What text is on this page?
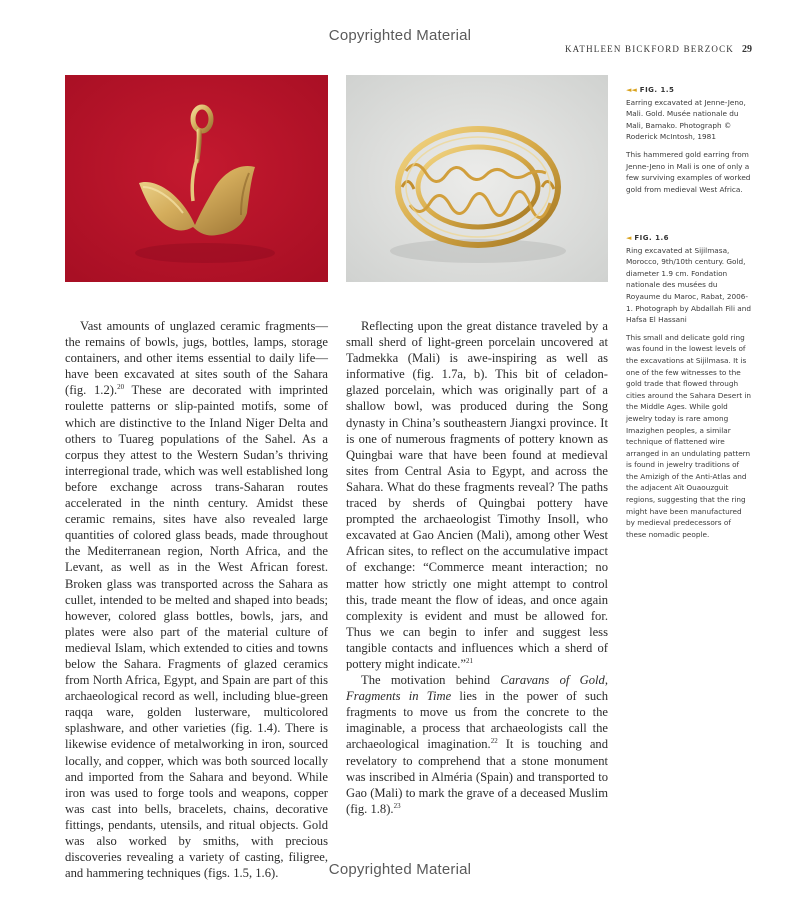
Copyrighted Material
KATHLEEN BICKFORD BERZOCK 29

Vast amounts of unglazed ceramic fragments—the remains of bowls, jugs, bottles, lamps, storage containers, and other items essential to daily life—have been excavated at sites south of the Sahara (fig. 1.2).$^{20}$ These are decorated with imprinted roulette patterns or slip-painted motifs, some of which are distinctive to the Inland Niger Delta and others to Tuareg populations of the Sahel. As a corpus they attest to the Western Sudan’s thriving interregional trade, which was well established long before exchange across trans-Saharan routes accelerated in the ninth century. Amidst these ceramic remains, sites have also revealed large quantities of colored glass beads, made throughout the Mediterranean region, North Africa, and the Levant, as well as in the West African forest. Broken glass was transported across the Sahara as cullet, intended to be melted and shaped into beads; however, colored glass bottles, bowls, jars, and plates were also part of the material culture of medieval Islam, which extended to cities and towns below the Sahara. Fragments of glazed ceramics from North Africa, Egypt, and Spain are part of this archaeological record as well, including blue-green raqqa ware, golden lusterware, multicolored splashware, and other varieties (fig. 1.4). There is likewise evidence of metalworking in iron, sourced locally, and copper, which was both sourced locally and imported from the Sahara and beyond. While iron was used to forge tools and weapons, copper was cast into bells, bracelets, chains, decorative fittings, pendants, utensils, and ritual objects. Gold was also worked by smiths, with precious discoveries revealing a variety of casting, filigree, and hammering techniques (figs. 1.5, 1.6).

Reflecting upon the great distance traveled by a small sherd of light-green porcelain uncovered at Tadmekka (Mali) is awe-inspiring as well as informative (fig. 1.7a, b). This bit of celadon-glazed porcelain, which was originally part of a shallow bowl, was produced during the Song dynasty in China’s southeastern Jiangxi province. It is one of numerous fragments of pottery known as Quingbai ware that have been found at medieval sites from Central Asia to Egypt, and across the Sahara. What do these fragments reveal? The paths traced by sherds of Quingbai pottery have prompted the archaeologist Timothy Insoll, who excavated at Gao Ancien (Mali), among other West African sites, to reflect on the accumulative impact of exchange: “Commerce meant interaction; no matter how strictly one might attempt to control this, trade meant the flow of ideas, and once again complexity is evident and must be allowed for. Thus we can begin to infer and suggest less tangible contacts and influences which a sherd of pottery might indicate.”$^{21}$

The motivation behind Caravans of Gold, Fragments in Time lies in the power of such fragments to move us from the concrete to the imaginable, a process that archaeologists call the archaeological imagination.$^{22}$ It is touching and revelatory to comprehend that a stone monument was inscribed in Alméria (Spain) and transported to Gao (Mali) to mark the grave of a deceased Muslim (fig. 1.8).$^{23}$

◄◄ FIG. 1.5
Earring excavated at Jenne-Jeno, Mali. Gold. Musée nationale du Mali, Bamako. Photograph © Roderick McIntosh, 1981

This hammered gold earring from Jenne-Jeno in Mali is one of only a few surviving examples of worked gold from medieval West Africa.

◄ FIG. 1.6
Ring excavated at Sijilmasa, Morocco, 9th/10th century. Gold, diameter 1.9 cm. Fondation nationale des musées du Royaume du Maroc, Rabat, 2006-1. Photograph by Abdallah Fili and Hafsa El Hassani

This small and delicate gold ring was found in the lowest levels of the excavations at Sijilmasa. It is one of the few witnesses to the gold trade that flowed through cities around the Sahara Desert in the Middle Ages. While gold jewelry today is rare among Imazighen peoples, a similar technique of flattened wire arranged in an undulating pattern is found in jewelry traditions of the Amizigh of the Anti-Atlas and the adjacent Aït Ouaouzguit regions, suggesting that the ring might have been manufactured by medieval predecessors of these nomadic people.

Copyrighted Material
